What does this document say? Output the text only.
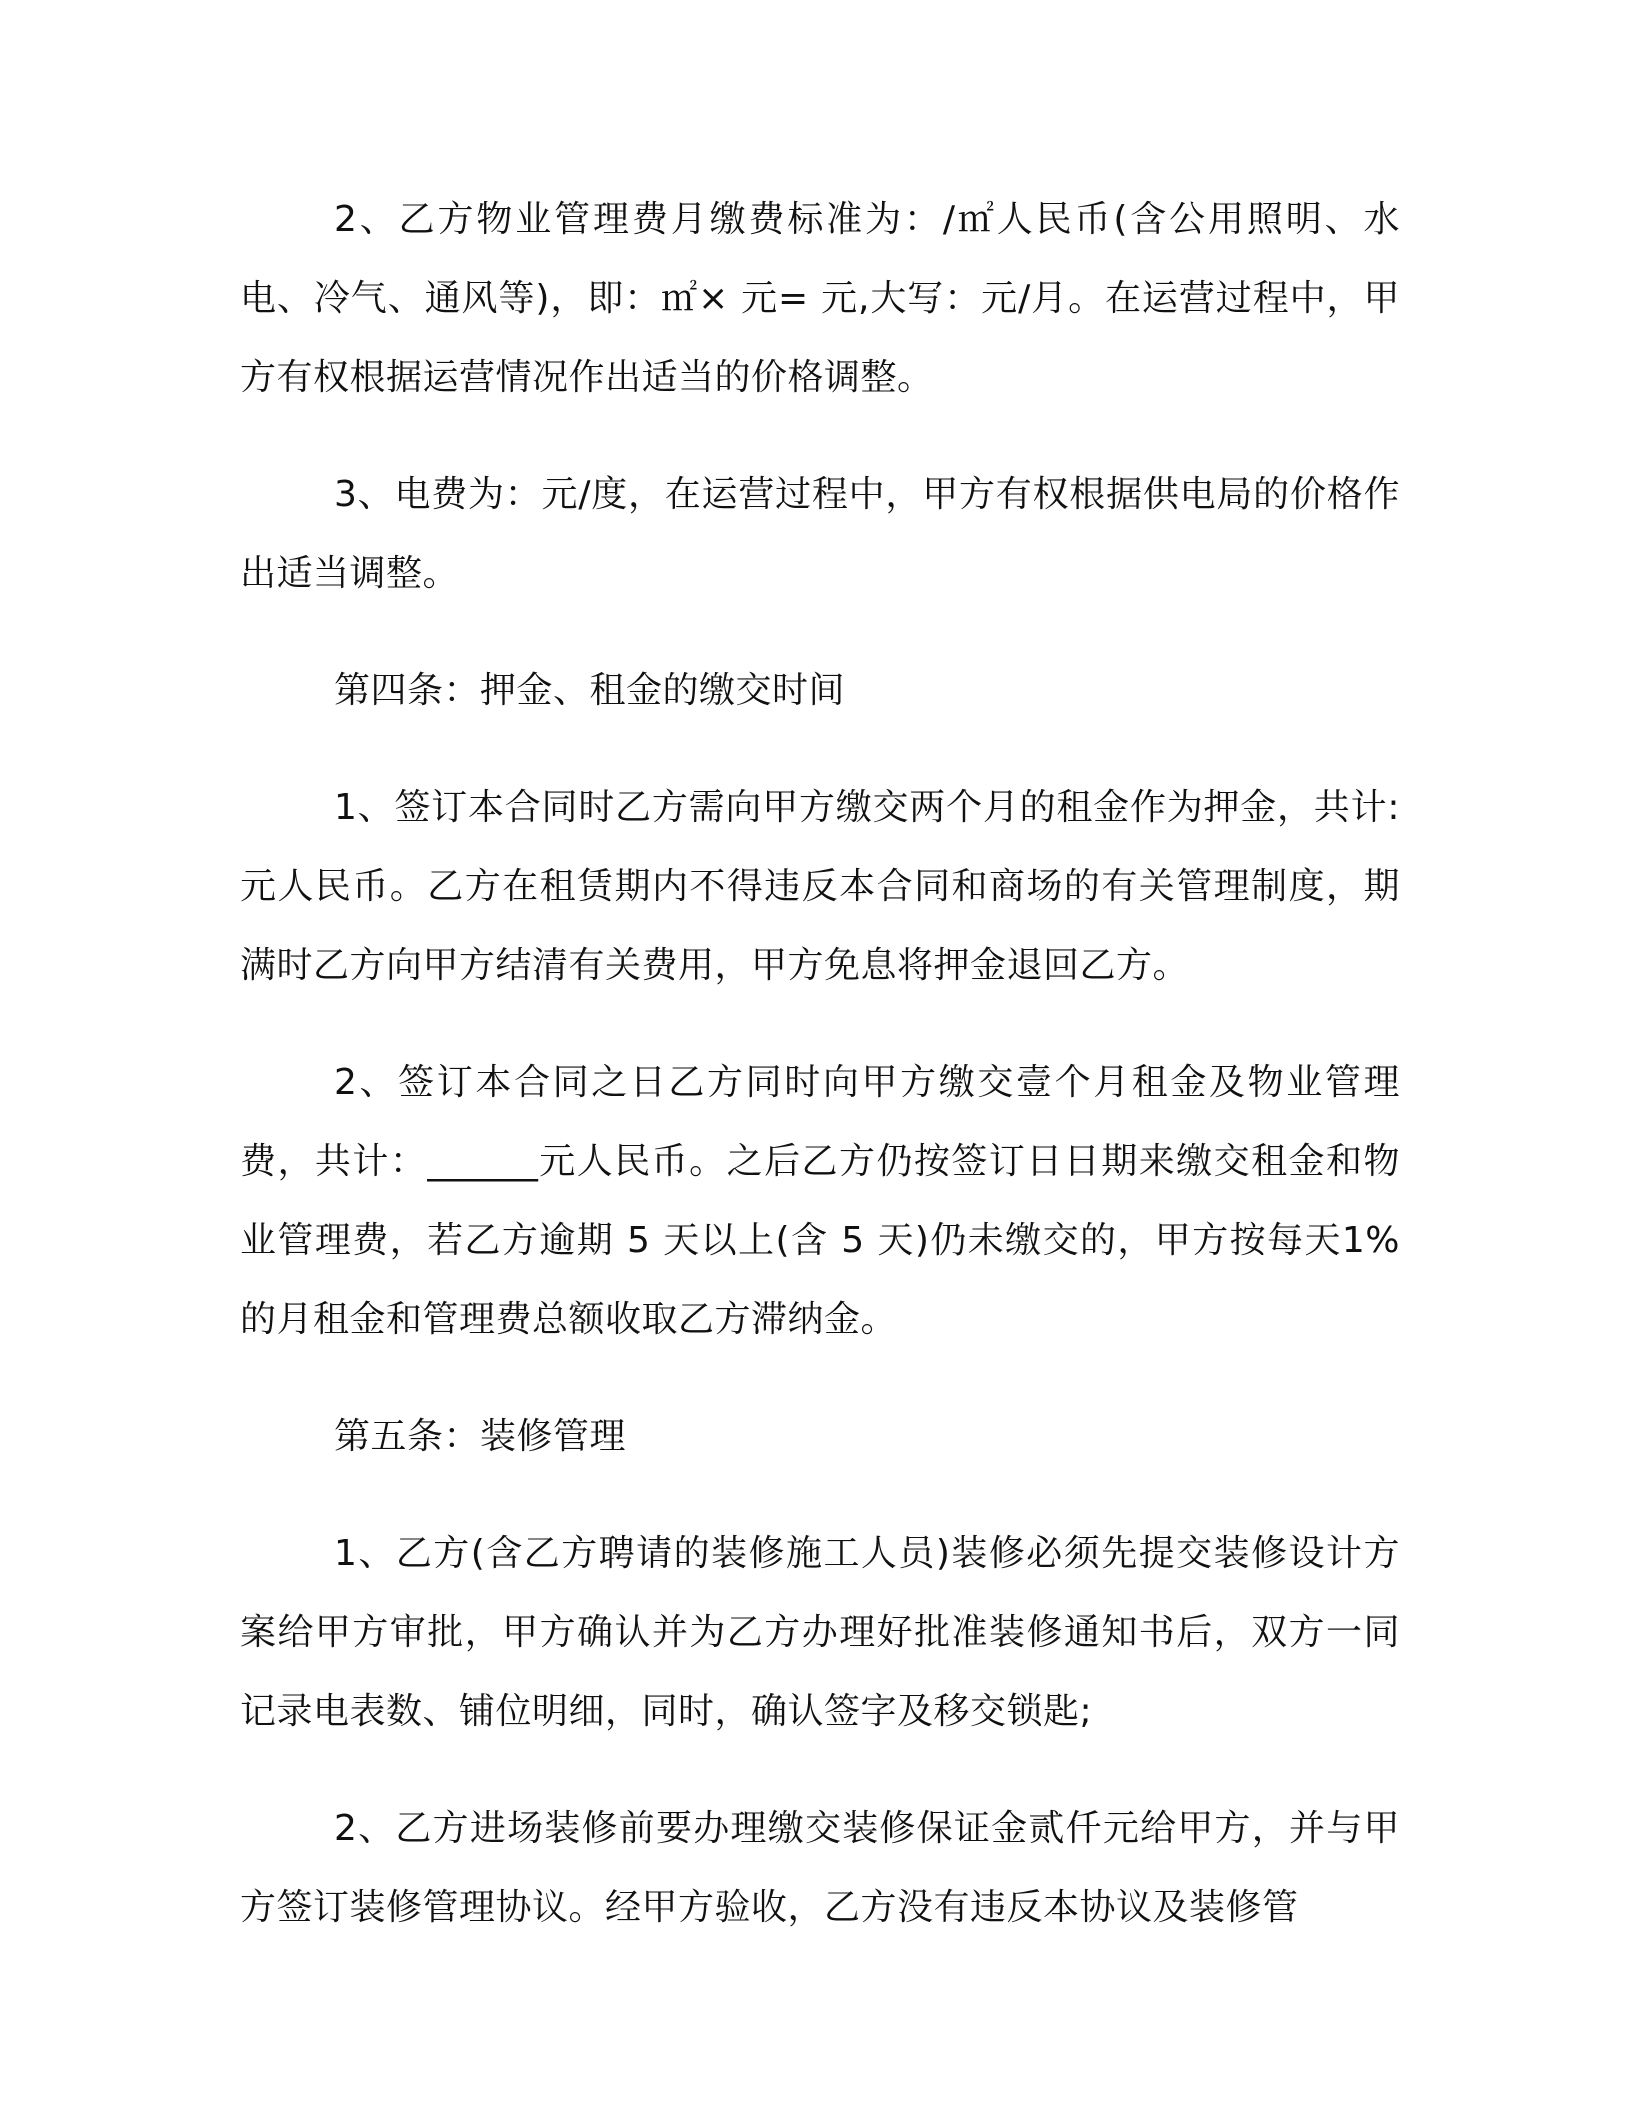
2、乙方物业管理费月缴费标准为：/㎡人民币(含公用照明、水电、冷气、通风等)，即：㎡× 元= 元,大写：元/月。在运营过程中，甲方有权根据运营情况作出适当的价格调整。

3、电费为：元/度，在运营过程中，甲方有权根据供电局的价格作出适当调整。

第四条：押金、租金的缴交时间

1、签订本合同时乙方需向甲方缴交两个月的租金作为押金，共计: 元人民币。乙方在租赁期内不得违反本合同和商场的有关管理制度，期满时乙方向甲方结清有关费用，甲方免息将押金退回乙方。

2、签订本合同之日乙方同时向甲方缴交壹个月租金及物业管理费，共计：______元人民币。之后乙方仍按签订日日期来缴交租金和物业管理费，若乙方逾期 5 天以上(含 5 天)仍未缴交的，甲方按每天1%的月租金和管理费总额收取乙方滞纳金。

第五条：装修管理

1、乙方(含乙方聘请的装修施工人员)装修必须先提交装修设计方案给甲方审批，甲方确认并为乙方办理好批准装修通知书后，双方一同记录电表数、铺位明细，同时，确认签字及移交锁匙;

2、乙方进场装修前要办理缴交装修保证金贰仟元给甲方，并与甲方签订装修管理协议。经甲方验收，乙方没有违反本协议及装修管
